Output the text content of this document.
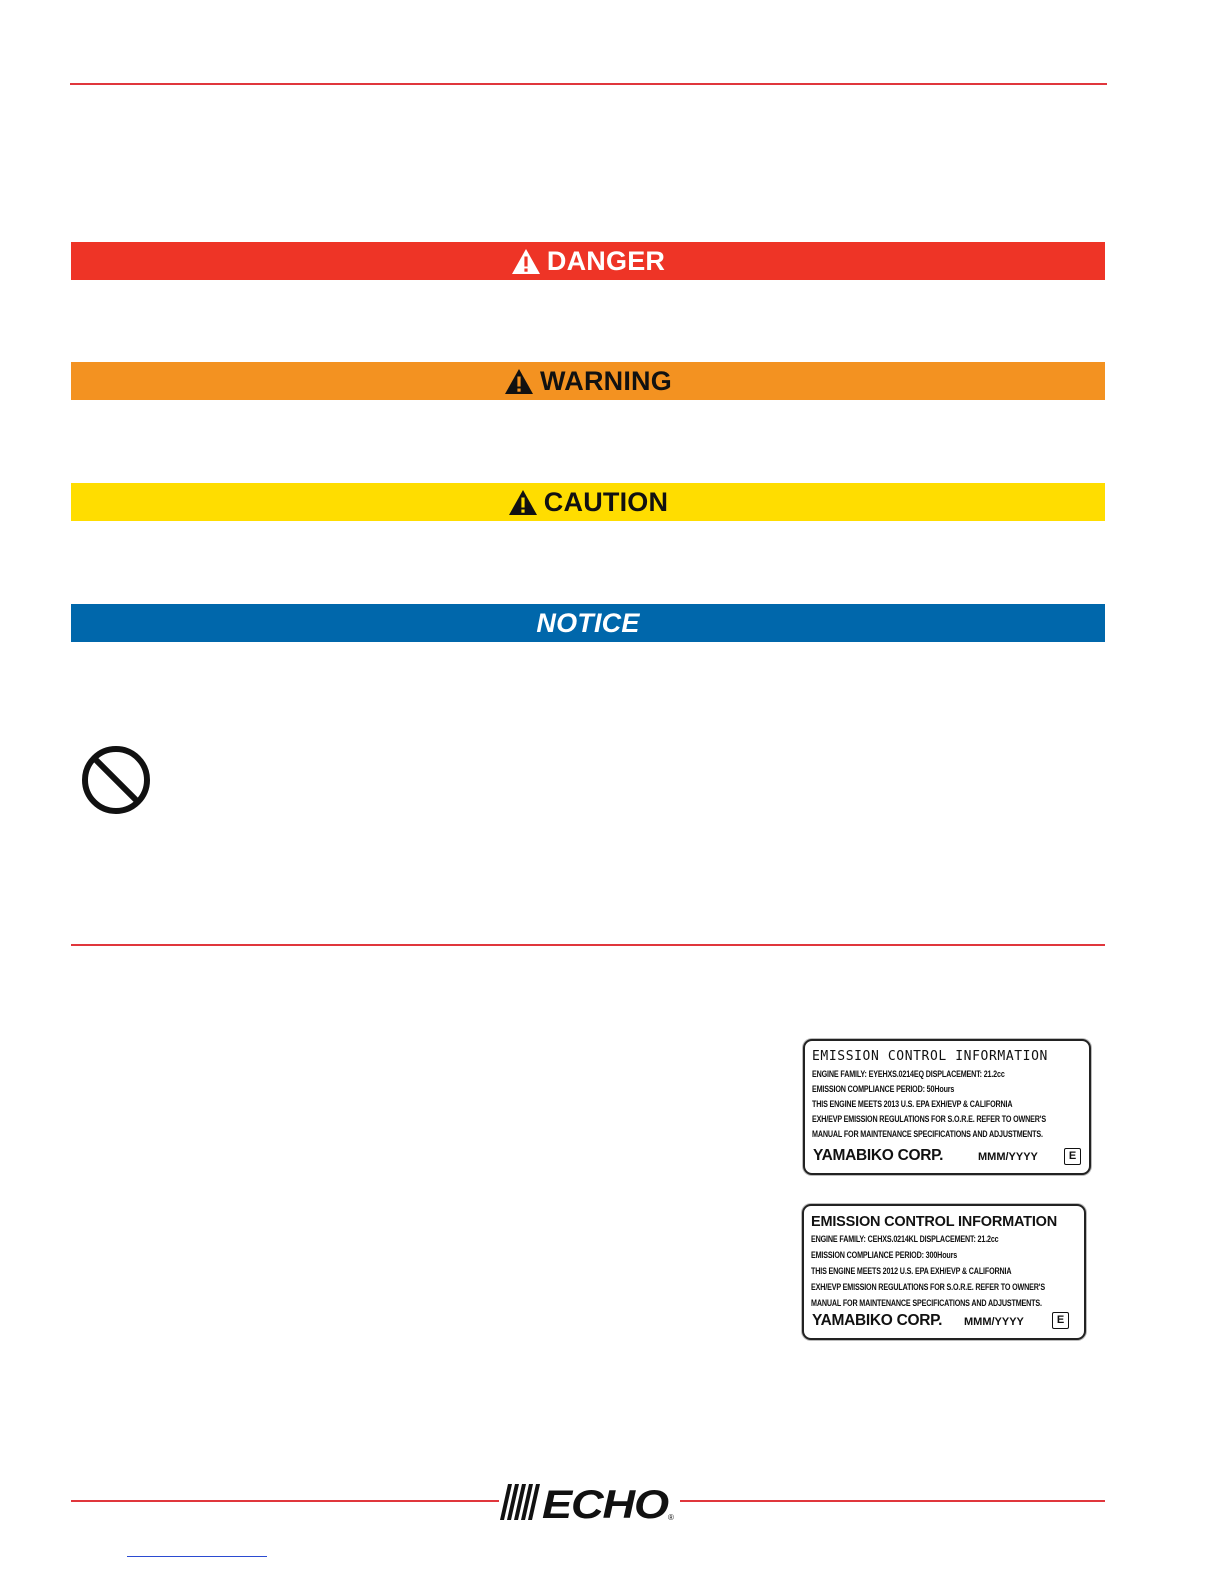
DANGER
WARNING
CAUTION
NOTICE
EMISSION CONTROL INFORMATION
ENGINE FAMILY: EYEHXS.0214EQ DISPLACEMENT: 21.2cc
EMISSION COMPLIANCE PERIOD: 50Hours
THIS ENGINE MEETS 2013 U.S. EPA EXH/EVP & CALIFORNIA
EXH/EVP EMISSION REGULATIONS FOR S.O.R.E. REFER TO OWNER'S
MANUAL FOR MAINTENANCE SPECIFICATIONS AND ADJUSTMENTS.
YAMABIKO CORP.	MMM/YYYY	E
EMISSION CONTROL INFORMATION
ENGINE FAMILY: CEHXS.0214KL DISPLACEMENT: 21.2cc
EMISSION COMPLIANCE PERIOD: 300Hours
THIS ENGINE MEETS 2012 U.S. EPA EXH/EVP & CALIFORNIA
EXH/EVP EMISSION REGULATIONS FOR S.O.R.E. REFER TO OWNER'S
MANUAL FOR MAINTENANCE SPECIFICATIONS AND ADJUSTMENTS.
YAMABIKO CORP. MMM/YYYY	E
ECHO ®
